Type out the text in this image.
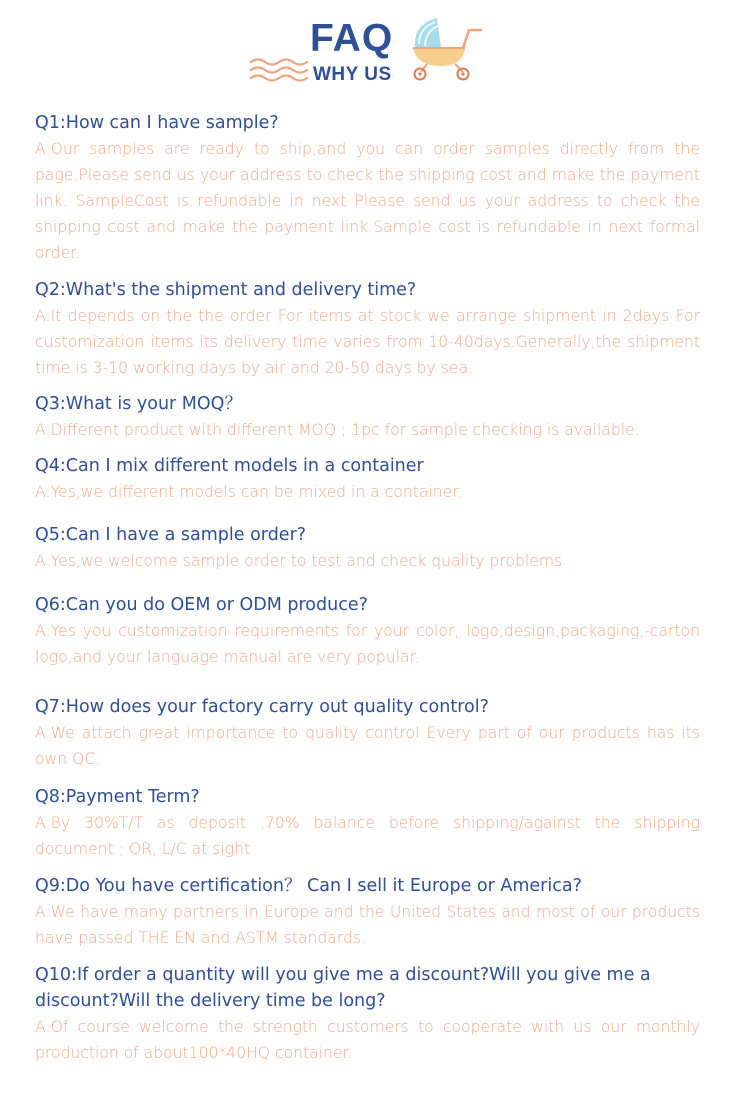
FAQ
WHY US
Q1:How can I have sample?
A:Our samples are ready to ship,and you can order samples directly from the page.Please send us your address to check the shipping cost and make the payment link. SampleCost is refundable in next Please send us your address to check the shipping cost and make the payment link.Sample cost is refundable in next formal order.
Q2:What's the shipment and delivery time?
A:It depends on the the order For items at stock we arrange shipment in 2days For customization items its delivery time varies from 10-40days.Generally,the shipment time is 3-10 working days by air and 20-50 days by sea.
Q3:What is your MOQ？
A:Different product with different MOQ ; 1pc for sample checking is available.
Q4:Can I mix different models in a container
A:Yes,we different models can be mixed in a container.
Q5:Can I have a sample order?
A:Yes,we welcome sample order to test and check quality problems
Q6:Can you do OEM or ODM produce?
A:Yes you customization requirements for your color, logo,design,packaging,-carton logo,and your language manual are very popular.
Q7:How does your factory carry out quality control?
A:We attach great importance to quality control Every part of our products has its own QC.
Q8:Payment Term?
A:By 30%T/T as deposit ,70% balance before shipping/against the shipping document ; OR, L/C at sight
Q9:Do You have certification？ Can I sell it Europe or America?
A:We have many partners in Europe and the United States and most of our products have passed THE EN and ASTM standards.
Q10:If order a quantity will you give me a discount?Will you give me a discount?Will the delivery time be long?
A:Of course welcome the strength customers to cooperate with us our monthly production of about100*40HQ container.
